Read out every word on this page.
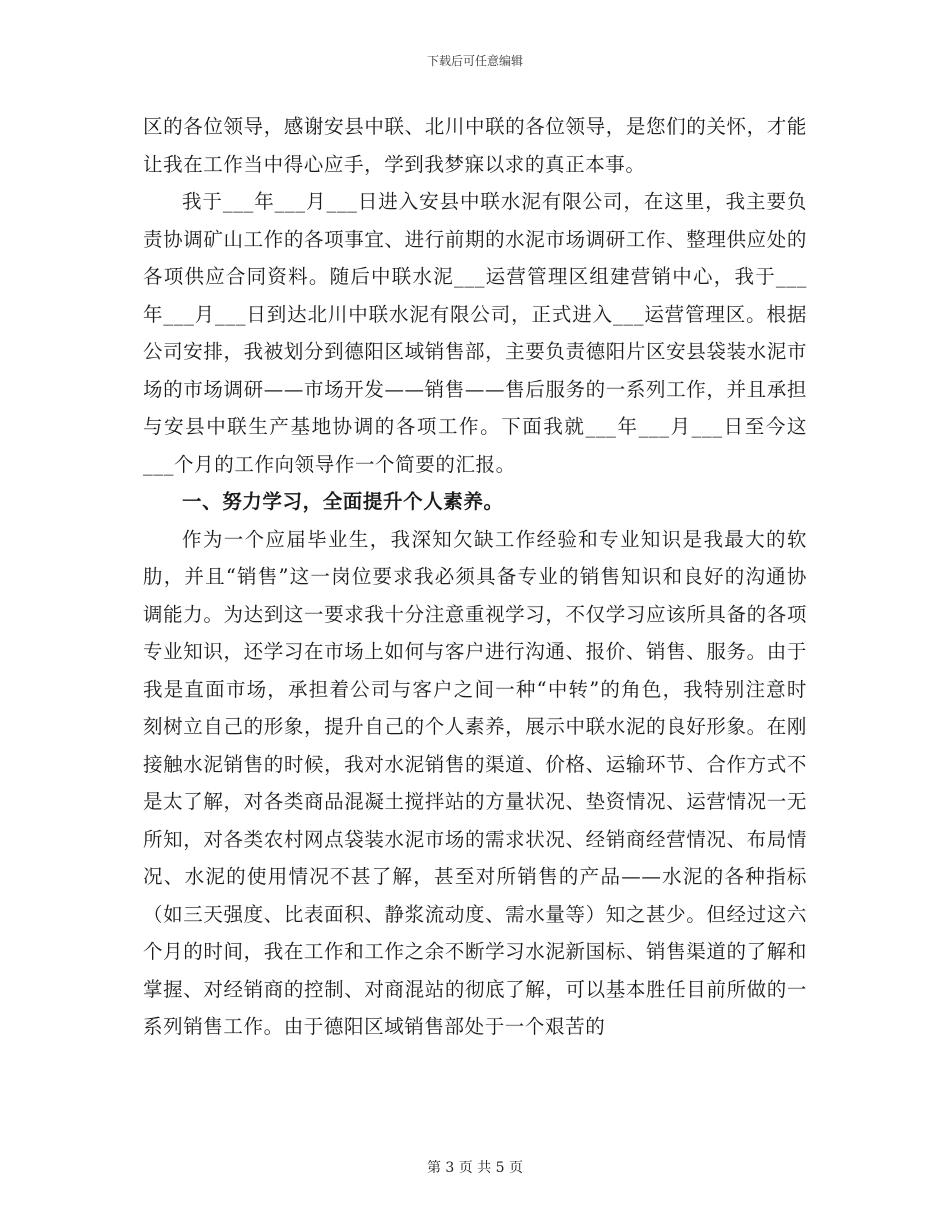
下载后可任意编辑

区的各位领导，感谢安县中联、北川中联的各位领导，是您们的关怀，才能让我在工作当中得心应手，学到我梦寐以求的真正本事。

我于___年___月___日进入安县中联水泥有限公司，在这里，我主要负责协调矿山工作的各项事宜、进行前期的水泥市场调研工作、整理供应处的各项供应合同资料。随后中联水泥___运营管理区组建营销中心，我于___年___月___日到达北川中联水泥有限公司，正式进入___运营管理区。根据公司安排，我被划分到德阳区域销售部，主要负责德阳片区安县袋装水泥市场的市场调研——市场开发——销售——售后服务的一系列工作，并且承担与安县中联生产基地协调的各项工作。下面我就___年___月___日至今这___个月的工作向领导作一个简要的汇报。

一、努力学习，全面提升个人素养。

作为一个应届毕业生，我深知欠缺工作经验和专业知识是我最大的软肋，并且“销售”这一岗位要求我必须具备专业的销售知识和良好的沟通协调能力。为达到这一要求我十分注意重视学习，不仅学习应该所具备的各项专业知识，还学习在市场上如何与客户进行沟通、报价、销售、服务。由于我是直面市场，承担着公司与客户之间一种“中转”的角色，我特别注意时刻树立自己的形象，提升自己的个人素养，展示中联水泥的良好形象。在刚接触水泥销售的时候，我对水泥销售的渠道、价格、运输环节、合作方式不是太了解，对各类商品混凝土搅拌站的方量状况、垫资情况、运营情况一无所知，对各类农村网点袋装水泥市场的需求状况、经销商经营情况、布局情况、水泥的使用情况不甚了解，甚至对所销售的产品——水泥的各种指标（如三天强度、比表面积、静浆流动度、需水量等）知之甚少。但经过这六个月的时间，我在工作和工作之余不断学习水泥新国标、销售渠道的了解和掌握、对经销商的控制、对商混站的彻底了解，可以基本胜任目前所做的一系列销售工作。由于德阳区域销售部处于一个艰苦的

第 3 页 共 5 页
